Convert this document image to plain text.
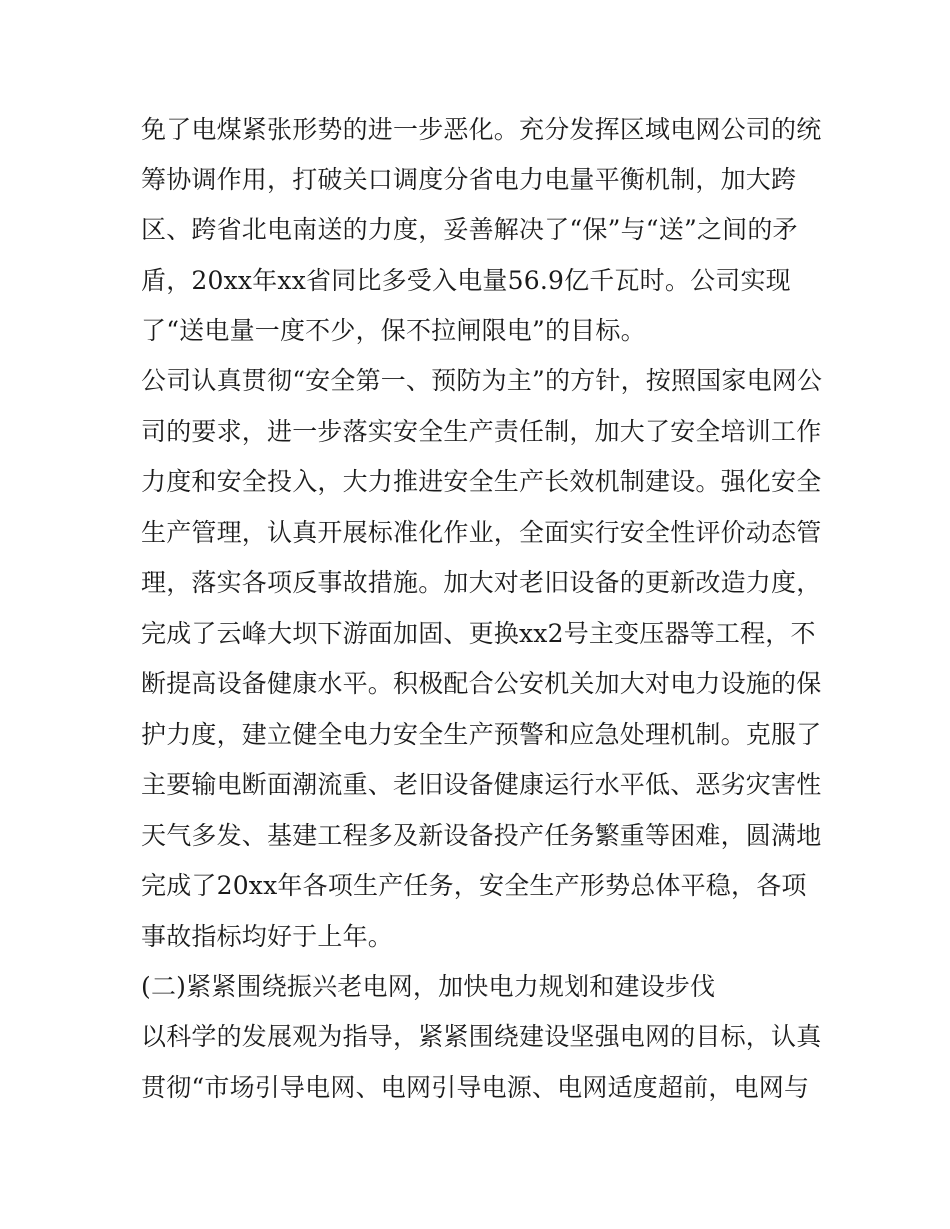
免了电煤紧张形势的进一步恶化。充分发挥区域电网公司的统
筹协调作用，打破关口调度分省电力电量平衡机制，加大跨
区、跨省北电南送的力度，妥善解决了“保”与“送”之间的矛
盾，20xx年xx省同比多受入电量56.9亿千瓦时。公司实现
了“送电量一度不少，保不拉闸限电”的目标。
公司认真贯彻“安全第一、预防为主”的方针，按照国家电网公
司的要求，进一步落实安全生产责任制，加大了安全培训工作
力度和安全投入，大力推进安全生产长效机制建设。强化安全
生产管理，认真开展标准化作业，全面实行安全性评价动态管
理，落实各项反事故措施。加大对老旧设备的更新改造力度，
完成了云峰大坝下游面加固、更换xx2号主变压器等工程，不
断提高设备健康水平。积极配合公安机关加大对电力设施的保
护力度，建立健全电力安全生产预警和应急处理机制。克服了
主要输电断面潮流重、老旧设备健康运行水平低、恶劣灾害性
天气多发、基建工程多及新设备投产任务繁重等困难，圆满地
完成了20xx年各项生产任务，安全生产形势总体平稳，各项
事故指标均好于上年。
(二)紧紧围绕振兴老电网，加快电力规划和建设步伐
以科学的发展观为指导，紧紧围绕建设坚强电网的目标，认真
贯彻“市场引导电网、电网引导电源、电网适度超前，电网与
